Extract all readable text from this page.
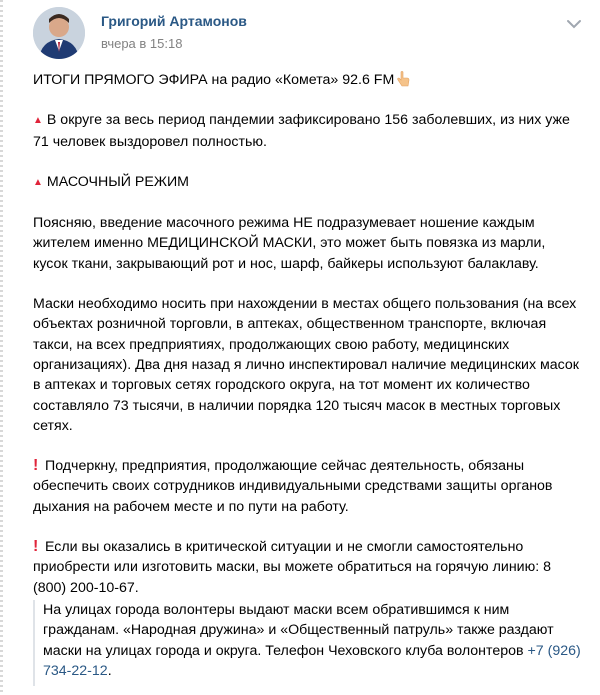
Григорий Артамонов
вчера в 15:18

ИТОГИ ПРЯМОГО ЭФИРА на радио «Комета» 92.6 FM

▲ В округе за весь период пандемии зафиксировано 156 заболевших, из них уже 71 человек выздоровел полностью.

▲ МАСОЧНЫЙ РЕЖИМ

Поясняю, введение масочного режима НЕ подразумевает ношение каждым жителем именно МЕДИЦИНСКОЙ МАСКИ, это может быть повязка из марли, кусок ткани, закрывающий рот и нос, шарф, байкеры используют балаклаву.

Маски необходимо носить при нахождении в местах общего пользования (на всех объектах розничной торговли, в аптеках, общественном транспорте, включая такси, на всех предприятиях, продолжающих свою работу, медицинских организациях). Два дня назад я лично инспектировал наличие медицинских масок в аптеках и торговых сетях городского округа, на тот момент их количество составляло 73 тысячи, в наличии порядка 120 тысяч масок в местных торговых сетях.

! Подчеркну, предприятия, продолжающие сейчас деятельность, обязаны обеспечить своих сотрудников индивидуальными средствами защиты органов дыхания на рабочем месте и по пути на работу.

! Если вы оказались в критической ситуации и не смогли самостоятельно приобрести или изготовить маски, вы можете обратиться на горячую линию: 8 (800) 200-10-67.

На улицах города волонтеры выдают маски всем обратившимся к ним гражданам. «Народная дружина» и «Общественный патруль» также раздают маски на улицах города и округа. Телефон Чеховского клуба волонтеров +7 (926) 734-22-12.
